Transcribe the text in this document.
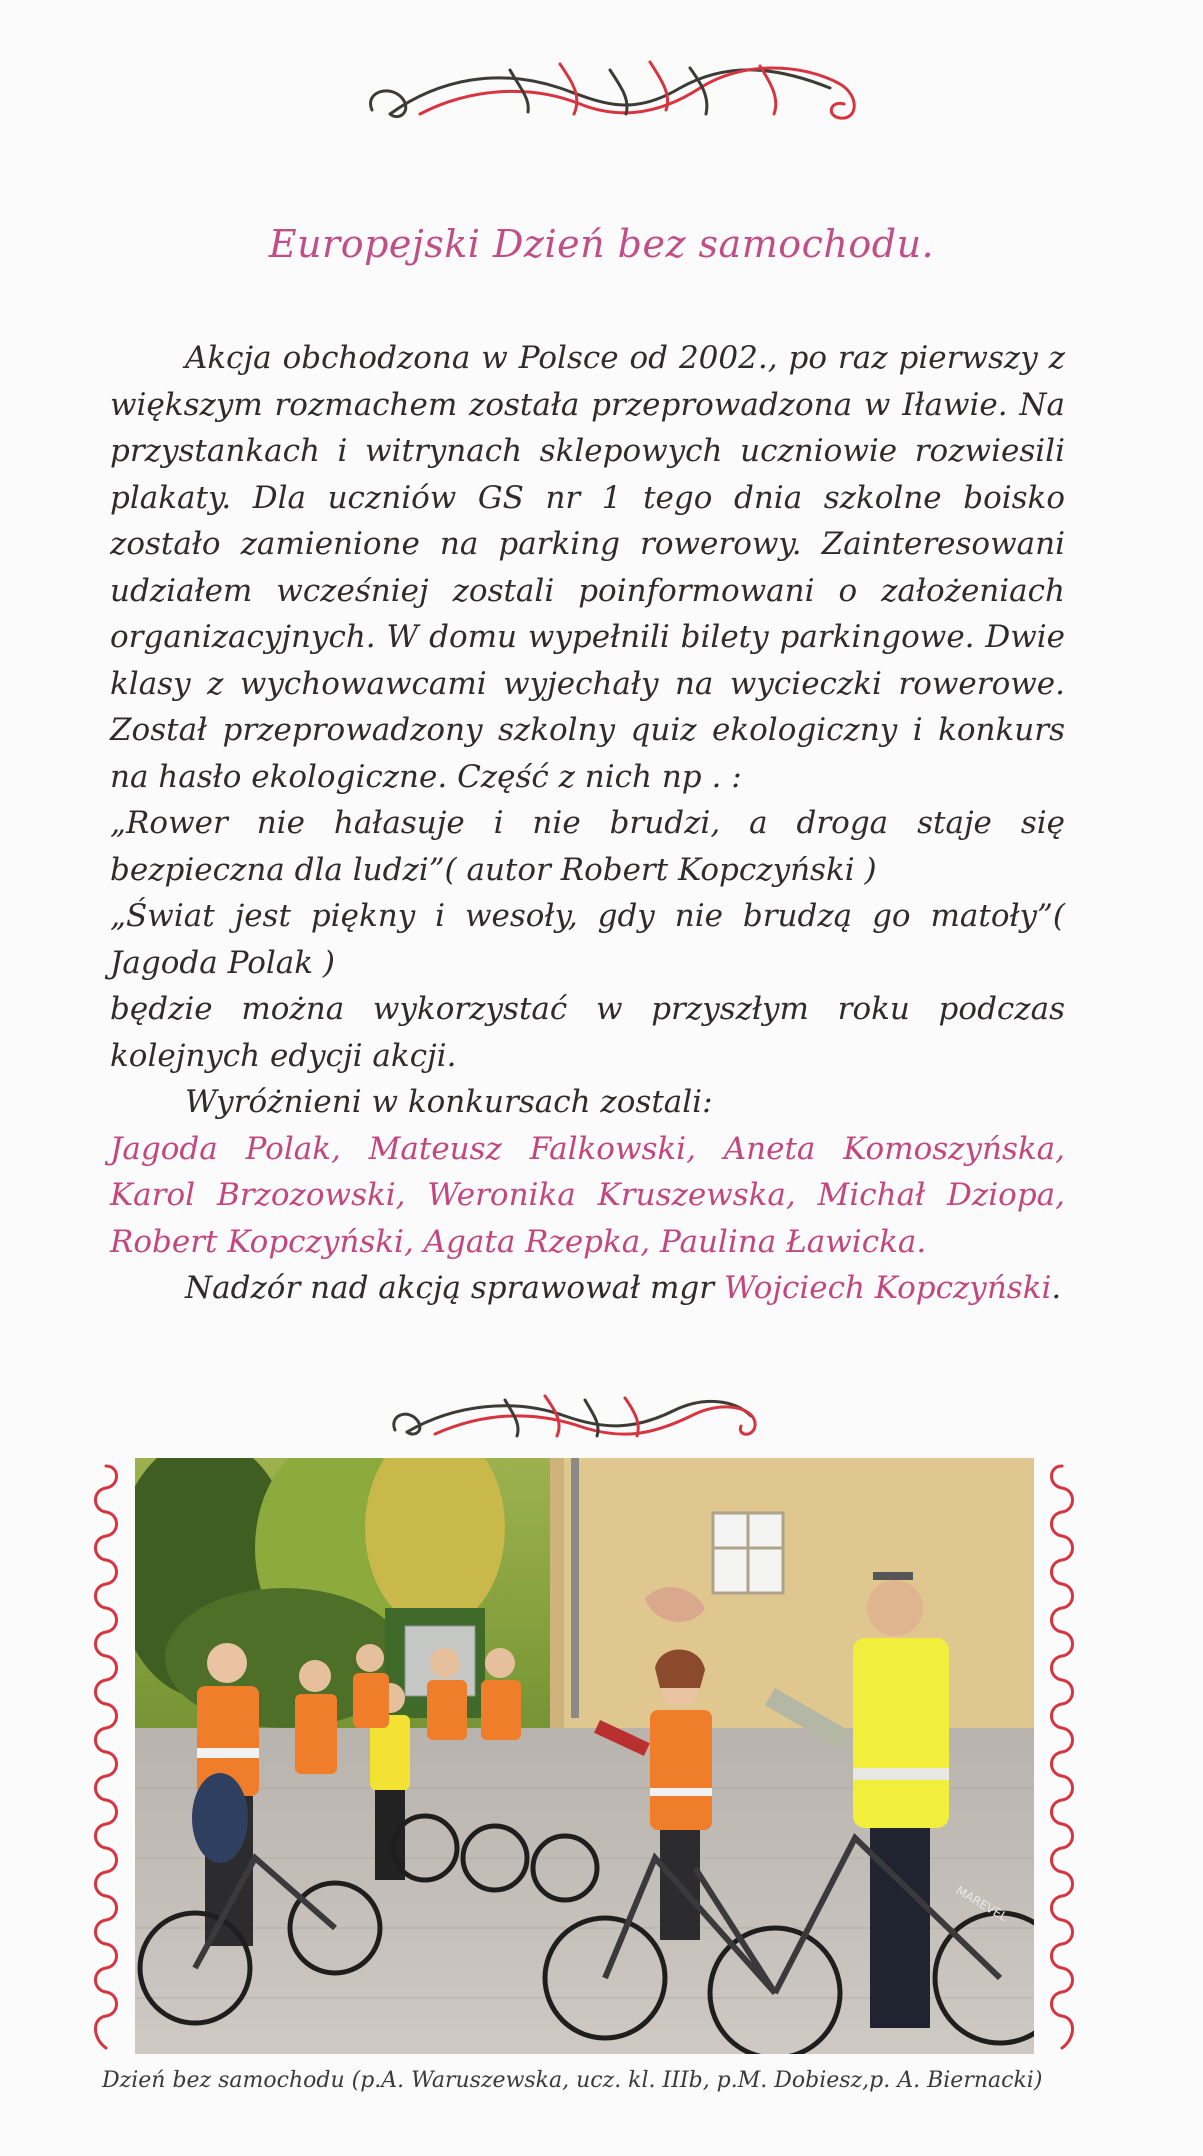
Europejski Dzień bez samochodu.

Akcja obchodzona w Polsce od 2002., po raz pierwszy z większym rozmachem została przeprowadzona w Iławie. Na przystankach i witrynach sklepowych uczniowie rozwiesili plakaty. Dla uczniów GS nr 1 tego dnia szkolne boisko zostało zamienione na parking rowerowy. Zainteresowani udziałem wcześniej zostali poinformowani o założeniach organizacyjnych. W domu wypełnili bilety parkingowe. Dwie klasy z wychowawcami wyjechały na wycieczki rowerowe. Został przeprowadzony szkolny quiz ekologiczny i konkurs na hasło ekologiczne. Część z nich np . :

„Rower nie hałasuje i nie brudzi, a droga staje się bezpieczna dla ludzi”( autor Robert Kopczyński )

„Świat jest piękny i wesoły, gdy nie brudzą go matoły”( Jagoda Polak )

będzie można wykorzystać w przyszłym roku podczas kolejnych edycji akcji.

Wyróżnieni w konkursach zostali:

Jagoda Polak, Mateusz Falkowski, Aneta Komoszyńska, Karol Brzozowski, Weronika Kruszewska, Michał Dziopa, Robert Kopczyński, Agata Rzepka, Paulina Ławicka.

Nadzór nad akcją sprawował mgr Wojciech Kopczyński.

MAREVEL

Dzień bez samochodu (p.A. Waruszewska, ucz. kl. IIIb, p.M. Dobiesz,p. A. Biernacki)
